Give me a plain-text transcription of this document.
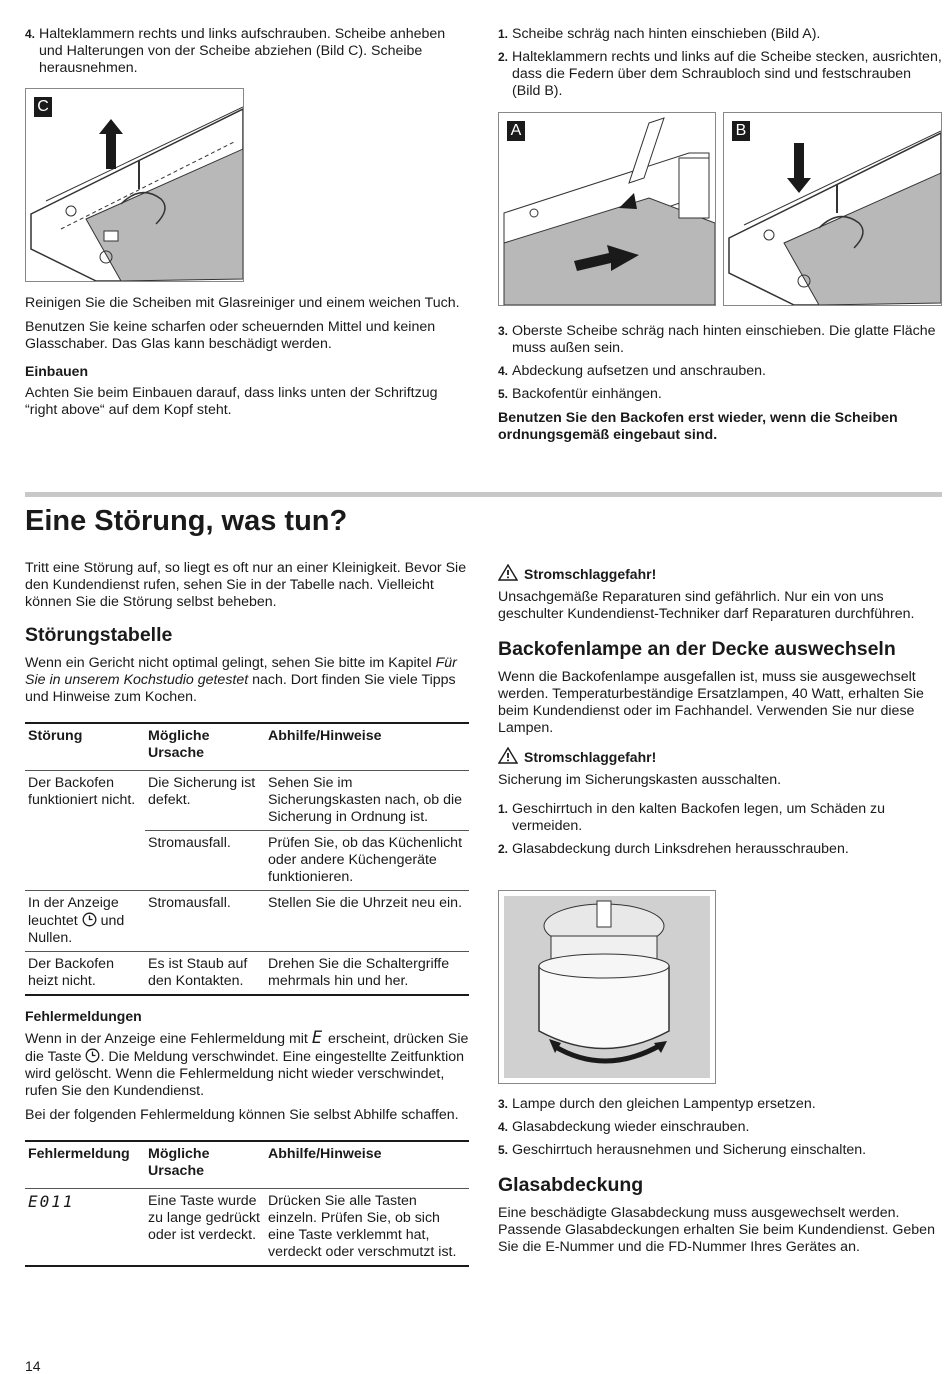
4. Halteklammern rechts und links aufschrauben. Scheibe anheben und Halterungen von der Scheibe abziehen (Bild C). Scheibe herausnehmen.
C

Reinigen Sie die Scheiben mit Glasreiniger und einem weichen Tuch.

Benutzen Sie keine scharfen oder scheuernden Mittel und keinen Glasschaber. Das Glas kann beschädigt werden.

Einbauen

Achten Sie beim Einbauen darauf, dass links unten der Schriftzug “right above“ auf dem Kopf steht.

1. Scheibe schräg nach hinten einschieben (Bild A).
2. Halteklammern rechts und links auf die Scheibe stecken, ausrichten, dass die Federn über dem Schraubloch sind und festschrauben (Bild B).
A	B
3. Oberste Scheibe schräg nach hinten einschieben. Die glatte Fläche muss außen sein.
4. Abdeckung aufsetzen und anschrauben.
5. Backofentür einhängen.

Benutzen Sie den Backofen erst wieder, wenn die Scheiben ordnungsgemäß eingebaut sind.

Eine Störung, was tun?

Tritt eine Störung auf, so liegt es oft nur an einer Kleinigkeit. Bevor Sie den Kundendienst rufen, sehen Sie in der Tabelle nach. Vielleicht können Sie die Störung selbst beheben.

Störungstabelle

Wenn ein Gericht nicht optimal gelingt, sehen Sie bitte im Kapitel Für Sie in unserem Kochstudio getestet nach. Dort finden Sie viele Tipps und Hinweise zum Kochen.

Störung	Mögliche Ursache	Abhilfe/Hinweise
Der Backofen funktioniert nicht.	Die Sicherung ist defekt.	Sehen Sie im Sicherungskasten nach, ob die Sicherung in Ordnung ist.
	Stromausfall.	Prüfen Sie, ob das Küchenlicht oder andere Küchengeräte funktionieren.
In der Anzeige leuchtet  und Nullen.	Stromausfall.	Stellen Sie die Uhrzeit neu ein.
Der Backofen heizt nicht.	Es ist Staub auf den Kontakten.	Drehen Sie die Schaltergriffe mehrmals hin und her.
Fehlermeldungen

Wenn in der Anzeige eine Fehlermeldung mit E erscheint, drücken Sie die Taste . Die Meldung verschwindet. Eine eingestellte Zeitfunktion wird gelöscht. Wenn die Fehlermeldung nicht wieder verschwindet, rufen Sie den Kundendienst.

Bei der folgenden Fehlermeldung können Sie selbst Abhilfe schaffen.

Fehlermeldung	Mögliche Ursache	Abhilfe/Hinweise
E011	Eine Taste wurde zu lange gedrückt oder ist verdeckt.	Drücken Sie alle Tasten einzeln. Prüfen Sie, ob sich eine Taste verklemmt hat, verdeckt oder verschmutzt ist.
Stromschlaggefahr!

Unsachgemäße Reparaturen sind gefährlich. Nur ein von uns geschulter Kundendienst-Techniker darf Reparaturen durchführen.

Backofenlampe an der Decke auswechseln

Wenn die Backofenlampe ausgefallen ist, muss sie ausgewechselt werden. Temperaturbeständige Ersatzlampen, 40 Watt, erhalten Sie beim Kundendienst oder im Fachhandel. Verwenden Sie nur diese Lampen.

Stromschlaggefahr!

Sicherung im Sicherungskasten ausschalten.

1. Geschirrtuch in den kalten Backofen legen, um Schäden zu vermeiden.
2. Glasabdeckung durch Linksdrehen herausschrauben.
3. Lampe durch den gleichen Lampentyp ersetzen.
4. Glasabdeckung wieder einschrauben.
5. Geschirrtuch herausnehmen und Sicherung einschalten.
Glasabdeckung

Eine beschädigte Glasabdeckung muss ausgewechselt werden. Passende Glasabdeckungen erhalten Sie beim Kundendienst. Geben Sie die E-Nummer und die FD-Nummer Ihres Gerätes an.

14
